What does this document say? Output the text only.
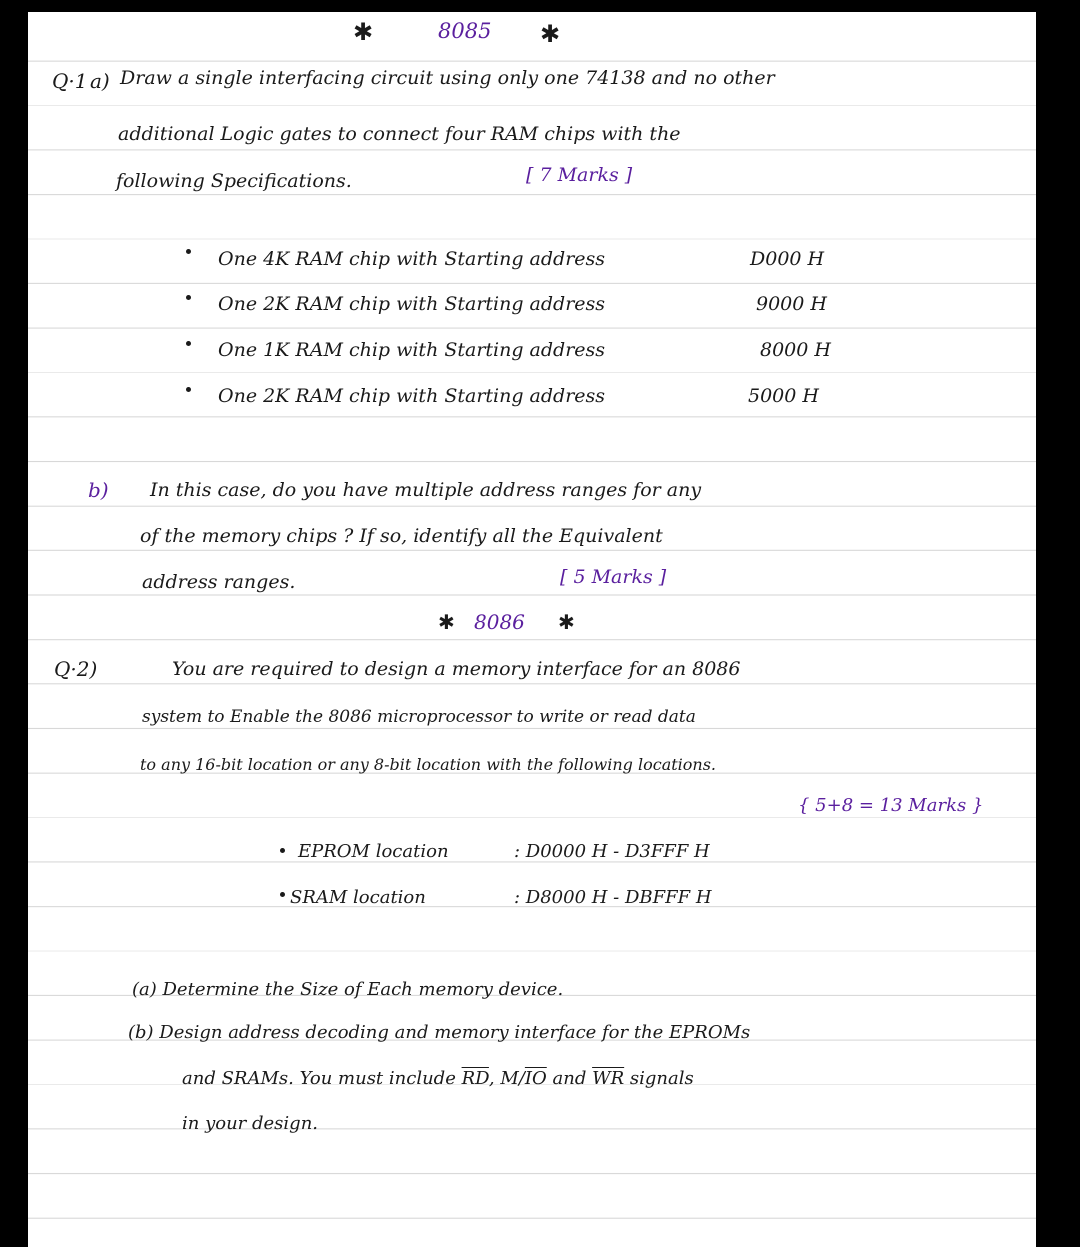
✱	8085 ✱
Q·1 a) Draw a single interfacing circuit using only one 74138 and no other
additional Logic gates to connect four RAM chips with the
following Specifications.	[ 7 Marks ]
One 4K RAM chip with Starting address	D000 H
One 2K RAM chip with Starting address	9000 H
One 1K RAM chip with Starting address	8000 H
One 2K RAM chip with Starting address	5000 H
b) In this case, do you have multiple address ranges for any
of the memory chips ? If so, identify all the Equivalent
address ranges.	[ 5 Marks ]
✱ 8086 ✱
Q·2)	You are required to design a memory interface for an 8086
system to Enable the 8086 microprocessor to write or read data
to any 16-bit location or any 8-bit location with the following locations.
{ 5+8 = 13 Marks }
EPROM location	: D0000 H - D3FFF H
SRAM location	: D8000 H - DBFFF H
(a) Determine the Size of Each memory device.
(b) Design address decoding and memory interface for the EPROMs
and SRAMs. You must include $\overline{RD}$, $M/\overline{IO}$ and $\overline{WR}$ signals
in your design.
